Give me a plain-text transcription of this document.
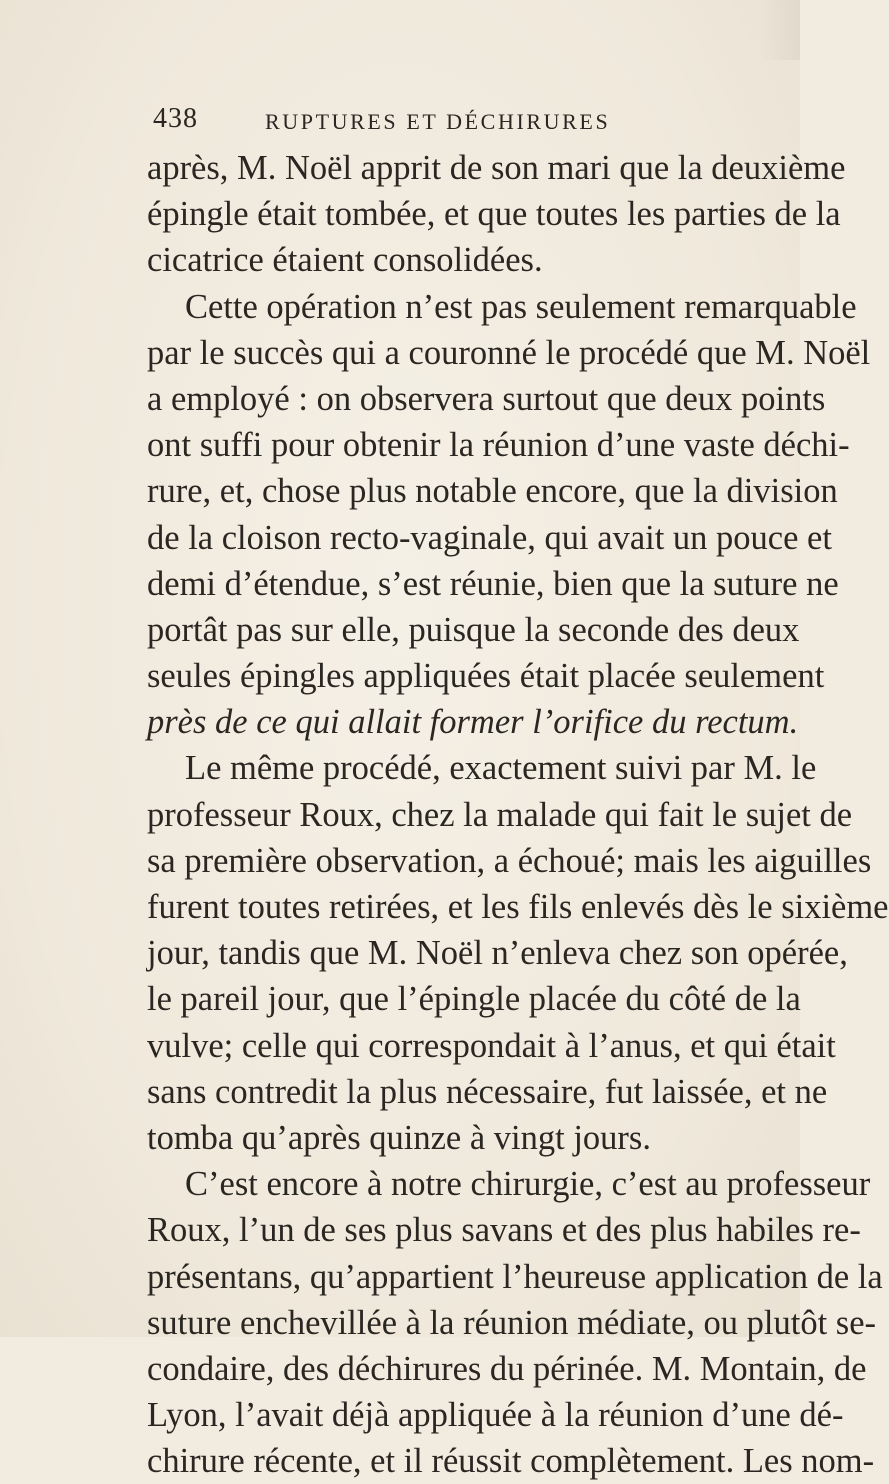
438	RUPTURES ET DÉCHIRURES
après, M. Noël apprit de son mari que la deuxième
épingle était tombée, et que toutes les parties de la
cicatrice étaient consolidées.
Cette opération n’est pas seulement remarquable
par le succès qui a couronné le procédé que M. Noël
a employé : on observera surtout que deux points
ont suffi pour obtenir la réunion d’une vaste déchi-
rure, et, chose plus notable encore, que la division
de la cloison recto-vaginale, qui avait un pouce et
demi d’étendue, s’est réunie, bien que la suture ne
portât pas sur elle, puisque la seconde des deux
seules épingles appliquées était placée seulement
près de ce qui allait former l’orifice du rectum.
Le même procédé, exactement suivi par M. le
professeur Roux, chez la malade qui fait le sujet de
sa première observation, a échoué; mais les aiguilles
furent toutes retirées, et les fils enlevés dès le sixième
jour, tandis que M. Noël n’enleva chez son opérée,
le pareil jour, que l’épingle placée du côté de la
vulve; celle qui correspondait à l’anus, et qui était
sans contredit la plus nécessaire, fut laissée, et ne
tomba qu’après quinze à vingt jours.
C’est encore à notre chirurgie, c’est au professeur
Roux, l’un de ses plus savans et des plus habiles re-
présentans, qu’appartient l’heureuse application de la
suture enchevillée à la réunion médiate, ou plutôt se-
condaire, des déchirures du périnée. M. Montain, de
Lyon, l’avait déjà appliquée à la réunion d’une dé-
chirure récente, et il réussit complètement. Les nom-
